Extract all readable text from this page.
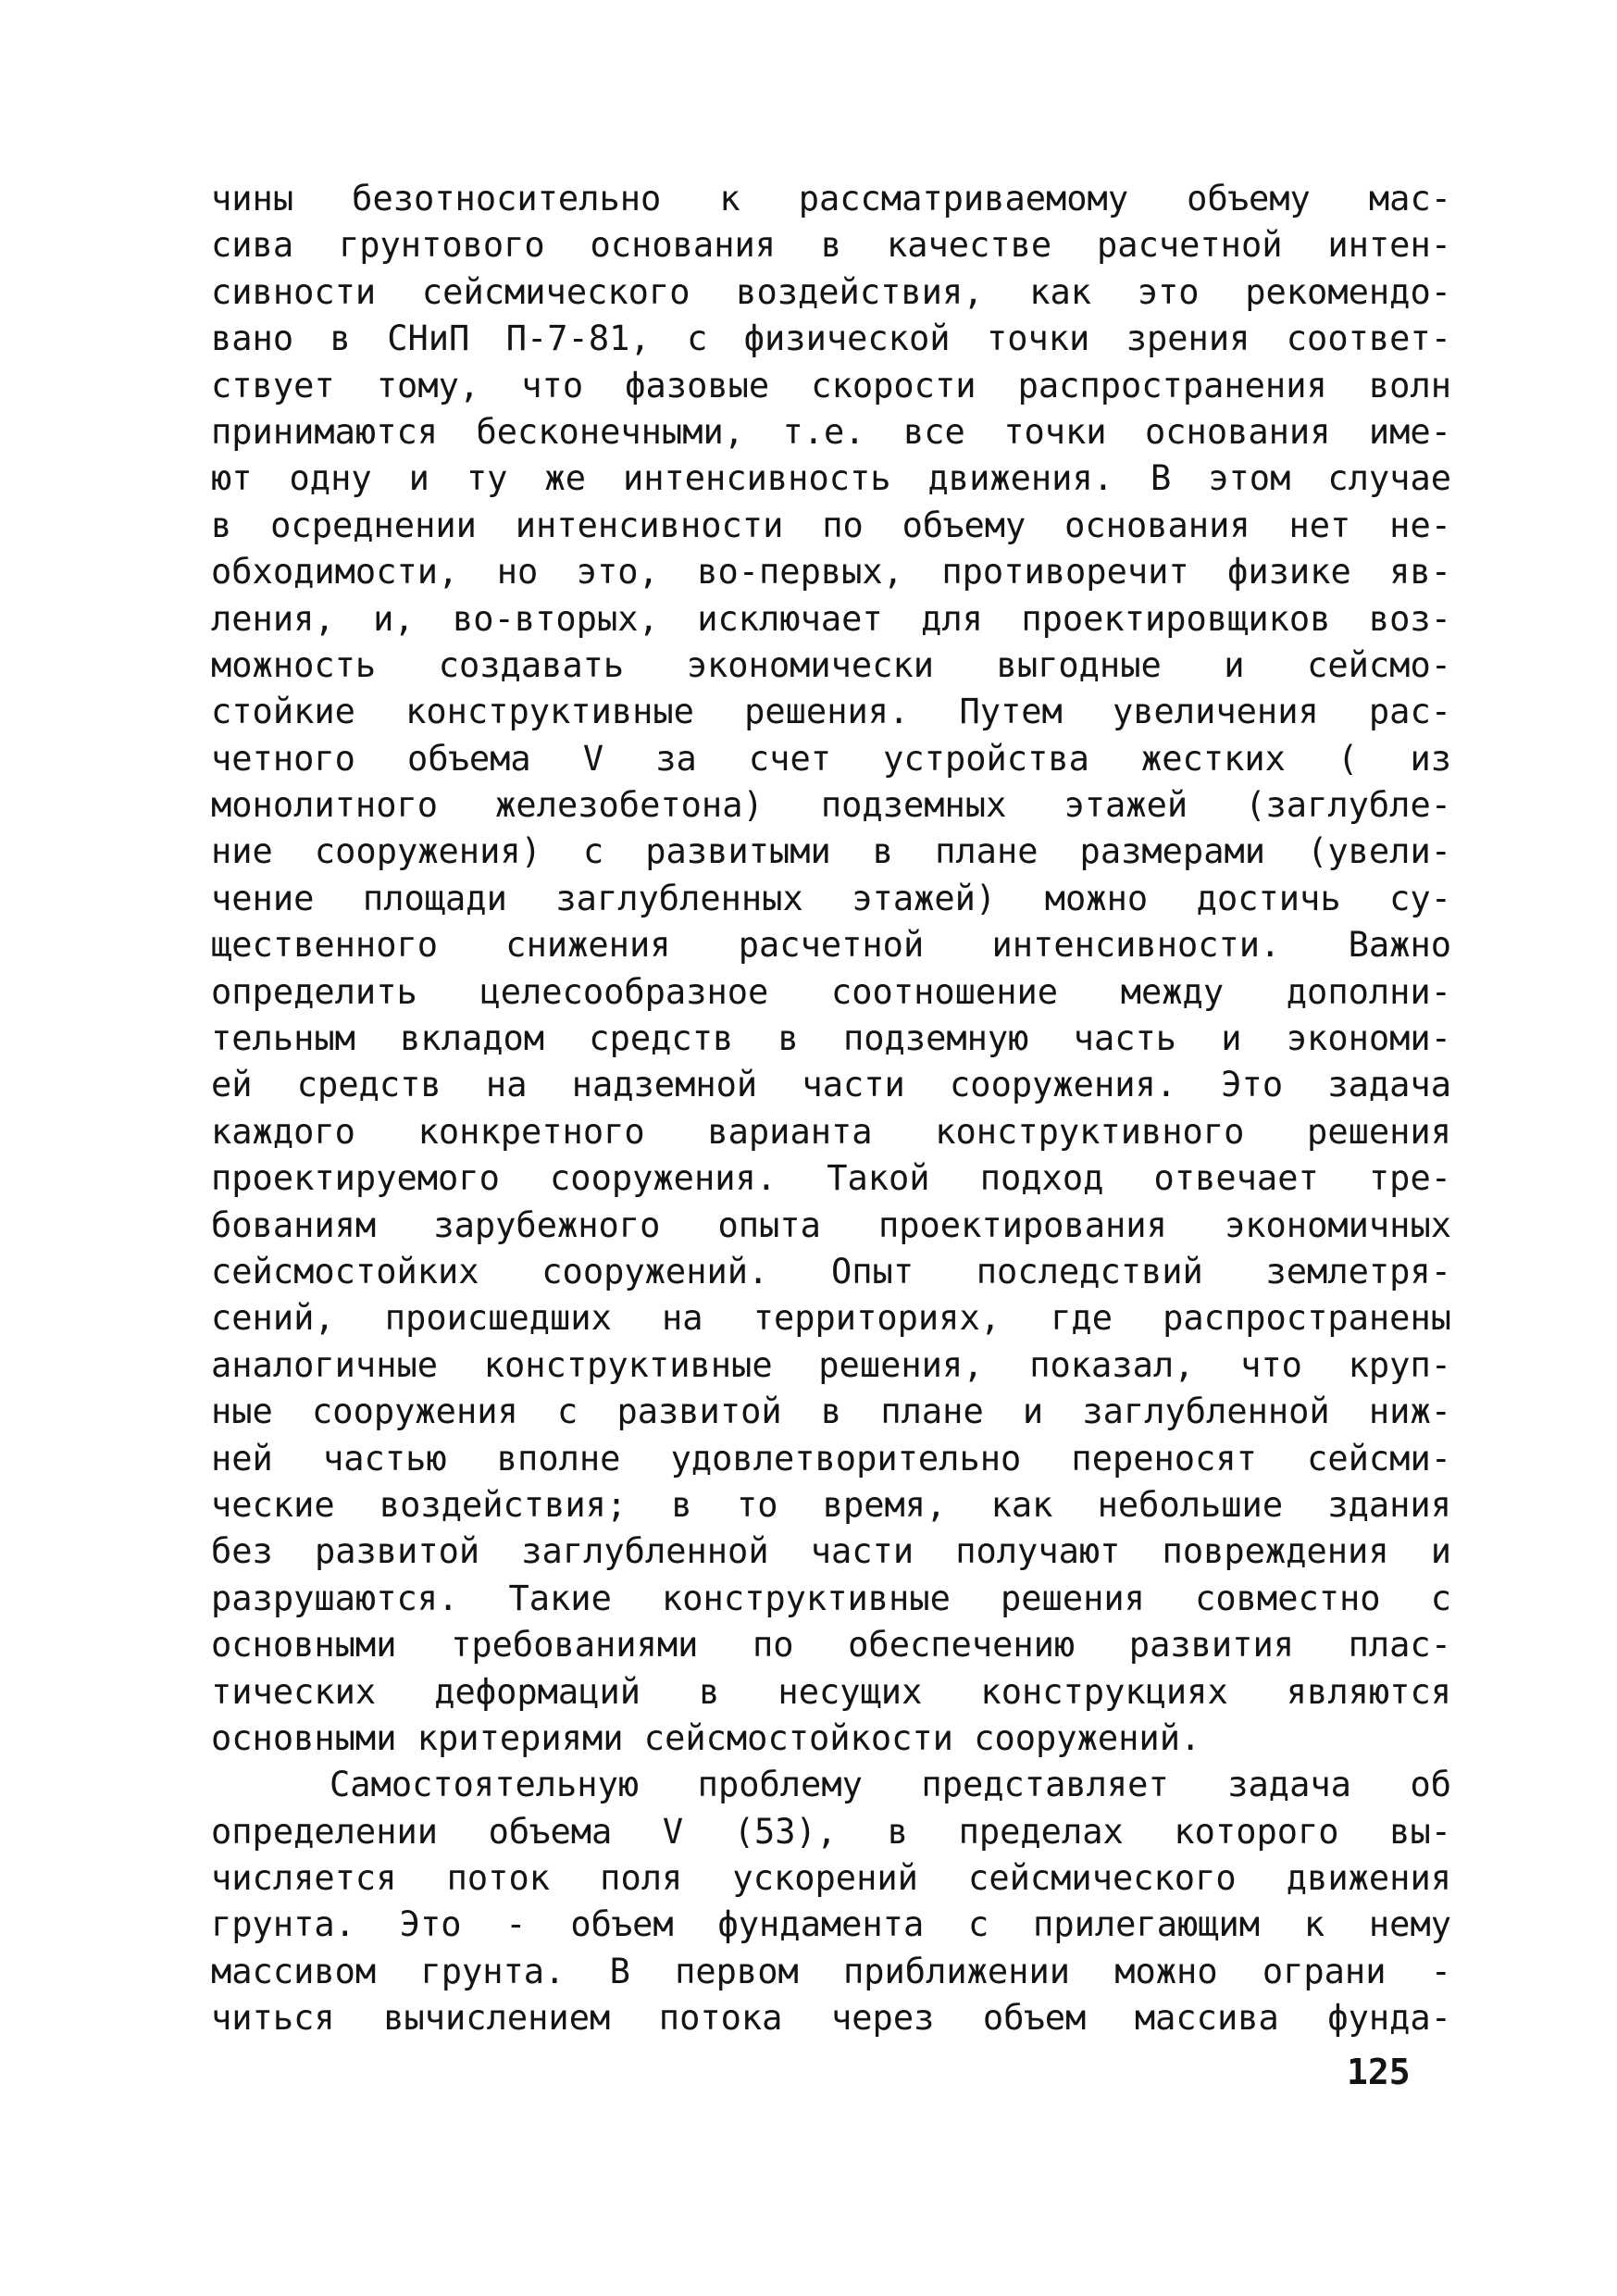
чины безотносительно к рассматриваемому объему мас-
сива грунтового основания в качестве расчетной интен-
сивности сейсмического воздействия, как это рекомендо-
вано в СНиП П-7-81, с физической точки зрения соответ-
ствует тому, что фазовые скорости распространения волн
принимаются бесконечными, т.е. все точки основания име-
ют одну и ту же интенсивность движения. В этом случае
в осреднении интенсивности по объему основания нет не-
обходимости, но это, во-первых, противоречит физике яв-
ления, и, во-вторых, исключает для проектировщиков воз-
можность создавать экономически выгодные и сейсмо-
стойкие конструктивные решения. Путем увеличения рас-
четного объема V за счет устройства жестких ( из
монолитного железобетона) подземных этажей (заглубле-
ние сооружения) с развитыми в плане размерами (увели-
чение площади заглубленных этажей) можно достичь су-
щественного снижения расчетной интенсивности. Важно
определить целесообразное соотношение между дополни-
тельным вкладом средств в подземную часть и экономи-
ей средств на надземной части сооружения. Это задача
каждого конкретного варианта конструктивного решения
проектируемого сооружения. Такой подход отвечает тре-
бованиям зарубежного опыта проектирования экономичных
сейсмостойких сооружений. Опыт последствий землетря-
сений, происшедших на территориях, где распространены
аналогичные конструктивные решения, показал, что круп-
ные сооружения с развитой в плане и заглубленной ниж-
ней частью вполне удовлетворительно переносят сейсми-
ческие воздействия; в то время, как небольшие здания
без развитой заглубленной части получают повреждения и
разрушаются. Такие конструктивные решения совместно с
основными требованиями по обеспечению развития плас-
тических деформаций в несущих конструкциях являются
основными критериями сейсмостойкости сооружений.
Самостоятельную проблему представляет задача об
определении объема V (53), в пределах которого вы-
числяется поток поля ускорений сейсмического движения
грунта. Это - объем фундамента с прилегающим к нему
массивом грунта. В первом приближении можно ограни -
читься вычислением потока через объем массива фунда-
125
